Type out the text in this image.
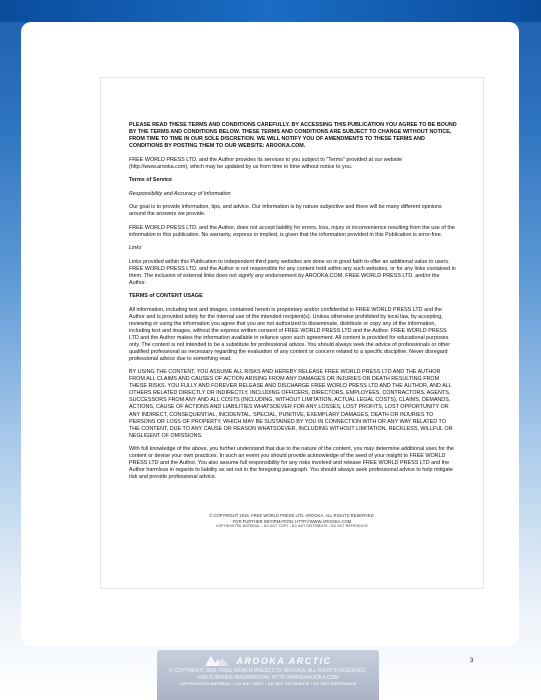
PLEASE READ THESE TERMS AND CONDITIONS CAREFULLY. BY ACCESSING THIS PUBLICATION YOU AGREE TO BE BOUND BY THE TERMS AND CONDITIONS BELOW. THESE TERMS AND CONDITIONS ARE SUBJECT TO CHANGE WITHOUT NOTICE, FROM TIME TO TIME IN OUR SOLE DISCRETION. WE WILL NOTIFY YOU OF AMENDMENTS TO THESE TERMS AND CONDITIONS BY POSTING THEM TO OUR WEBSITE: AROOKA.COM.

FREE WORLD PRESS LTD. and the Author provides its services to you subject to "Terms" provided at our website (http://www.arooka.com), which may be updated by us from time to time without notice to you.

Terms of Service

Responsibility and Accuracy of Information

Our goal is to provide information, tips, and advice. Our information is by nature subjective and there will be many different opinions around the answers we provide.

FREE WORLD PRESS LTD. and the Author, does not accept liability for errors, loss, injury or inconvenience resulting from the use of the information in this publication. No warranty, express or implied, is given that the information provided in this Publication is error-free.

Links

Links provided within this Publication to independent third party websites are done so in good faith to offer an additional value to users. FREE WORLD PRESS LTD. and the Author is not responsible for any content held within any such websites, or for any links contained in them. The inclusion of external links does not signify any endorsement by AROOKA.COM, FREE WORLD PRESS LTD. and/or the Author.

TERMS of CONTENT USAGE

All information, including text and images, contained herein is proprietary and/or confidential to FREE WORLD PRESS LTD and the Author and is provided solely for the internal use of the intended recipient(s). Unless otherwise prohibited by local law, by accepting, reviewing or using the information you agree that you are not authorized to disseminate, distribute or copy any of the information, including text and images, without the express written consent of FREE WORLD PRESS LTD and the Author. FREE WORLD PRESS LTD and the Author makes the information available in reliance upon such agreement. All content is provided for educational purposes only. The content is not intended to be a substitute for professional advice. You should always seek the advice of professionals or other qualified professional as necessary regarding the evaluation of any content or concern related to a specific discipline. Never disregard professional advice due to something read.

BY USING THE CONTENT, YOU ASSUME ALL RISKS AND HEREBY RELEASE FREE WORLD PRESS LTD AND THE AUTHOR FROM ALL CLAIMS AND CAUSES OF ACTION ARISING FROM ANY DAMAGES OR INJURIES OR DEATH RESULTING FROM THESE RISKS. YOU FULLY AND FOREVER RELEASE AND DISCHARGE FREE WORLD PRESS LTD AND THE AUTHOR, AND ALL OTHERS RELATED DIRECTLY OR INDIRECTLY, INCLUDING OFFICERS, DIRECTORS, EMPLOYEES, CONTRACTORS, AGENTS, SUCCESSORS FROM ANY AND ALL COSTS (INCLUDING, WITHOUT LIMITATION, ACTUAL LEGAL COSTS), CLAIMS, DEMANDS, ACTIONS, CAUSE OF ACTIONS AND LIABILITIES WHATSOEVER FOR ANY LOSSES, LOST PROFITS, LOST OPPORTUNITY OR ANY INDIRECT, CONSEQUENTIAL, INCIDENTAL, SPECIAL, PUNITIVE, EXEMPLARY DAMAGES, DEATH OR INJURIES TO PERSONS OR LOSS OF PROPERTY, WHICH MAY BE SUSTAINED BY YOU IN CONNECTION WITH OR ANY WAY RELATED TO THE CONTENT, DUE TO ANY CAUSE OR REASON WHATSOEVER, INCLUDING WITHOUT LIMITATION, RECKLESS, WILLFUL OR NEGLIGENT OF OMISSIONS.

With full knowledge of the above, you further understand that due to the nature of the content, you may determine additional uses for the content or devise your own practices. In such an event you should provide acknowledge of the seed of your insight to FREE WORLD PRESS LTD and the Author. You also assume full responsibility for any risks involved and release FREE WORLD PRESS LTD and the Author harmless in regards to liability as set out in the foregoing paragraph. You should always seek professional advice to help mitigate risk and provide professional advice.

© COPYRIGHT 2016. FREE WORLD PRESS LTD. AROOKA. ALL RIGHTS RESERVED.
FOR FURTHER INFORMATION: HTTP://WWW.AROOKA.COM
COPYRIGHTED MATERIAL • DO NOT COPY • DO NOT DISTRIBUTE • DO NOT REPRODUCE
3
AROOKA ARCTIC
© COPYRIGHT 2016. FREE WORLD PRESS LTD. AROOKA. ALL RIGHTS RESERVED.
FOR FURTHER INFORMATION: HTTP://WWW.AROOKA.COM
COPYRIGHTED MATERIAL • DO NOT COPY • DO NOT DISTRIBUTE • DO NOT REPRODUCE
